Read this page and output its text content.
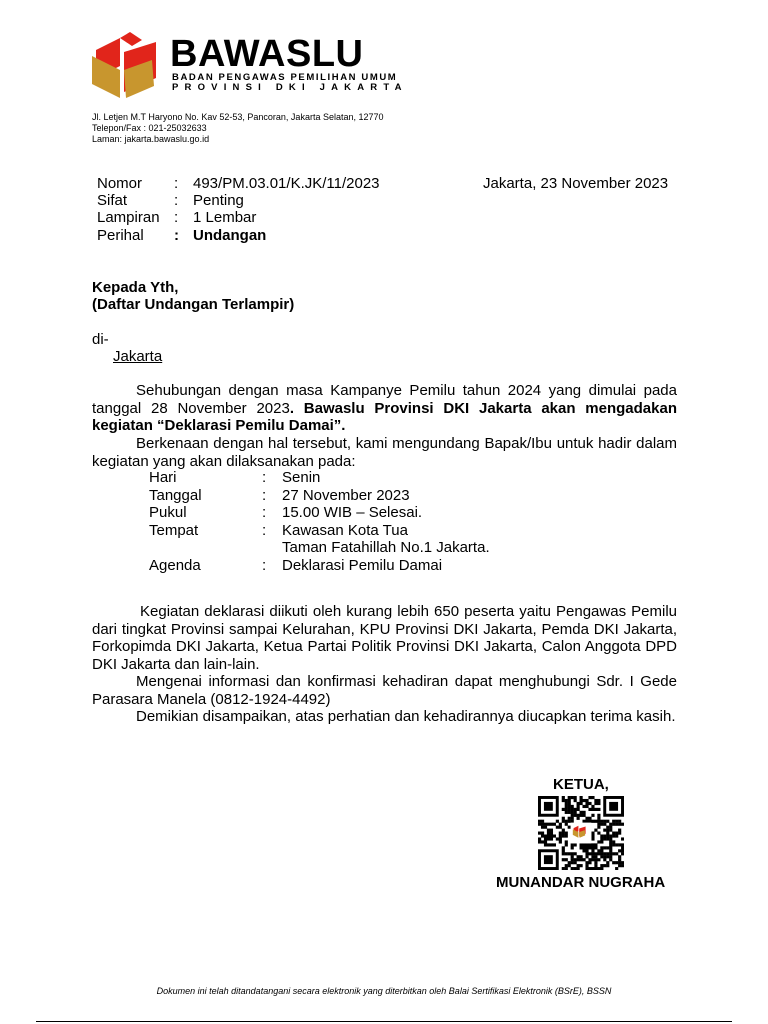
BAWASLU
BADAN PENGAWAS PEMILIHAN UMUM
PROVINSI DKI JAKARTA
Jl. Letjen M.T Haryono No. Kav 52-53, Pancoran, Jakarta Selatan, 12770
Telepon/Fax : 021-25032633
Laman: jakarta.bawaslu.go.id
Nomor : 493/PM.03.01/K.JK/11/2023
Sifat	: Penting
Lampiran : 1 Lembar
Perihal : Undangan
Jakarta, 23 November 2023
Kepada Yth,
(Daftar Undangan Terlampir)
di-
Jakarta
Sehubungan dengan masa Kampanye Pemilu tahun 2024 yang dimulai pada tanggal 28 November 2023. Bawaslu Provinsi DKI Jakarta akan mengadakan kegiatan “Deklarasi Pemilu Damai”.
Berkenaan dengan hal tersebut, kami mengundang Bapak/Ibu untuk hadir dalam kegiatan yang akan dilaksanakan pada:
Hari	: Senin
Tanggal	: 27 November 2023
Pukul	: 15.00 WIB – Selesai.
Tempat	: Kawasan Kota Tua
Taman Fatahillah No.1 Jakarta.
Agenda	: Deklarasi Pemilu Damai
Kegiatan deklarasi diikuti oleh kurang lebih 650 peserta yaitu Pengawas Pemilu dari tingkat Provinsi sampai Kelurahan, KPU Provinsi DKI Jakarta, Pemda DKI Jakarta, Forkopimda DKI Jakarta, Ketua Partai Politik Provinsi DKI Jakarta, Calon Anggota DPD DKI Jakarta dan lain-lain.
Mengenai informasi dan konfirmasi kehadiran dapat menghubungi Sdr. I Gede Parasara Manela (0812-1924-4492)
Demikian disampaikan, atas perhatian dan kehadirannya diucapkan terima kasih.
KETUA,
MUNANDAR NUGRAHA
Dokumen ini telah ditandatangani secara elektronik yang diterbitkan oleh Balai Sertifikasi Elektronik (BSrE), BSSN
